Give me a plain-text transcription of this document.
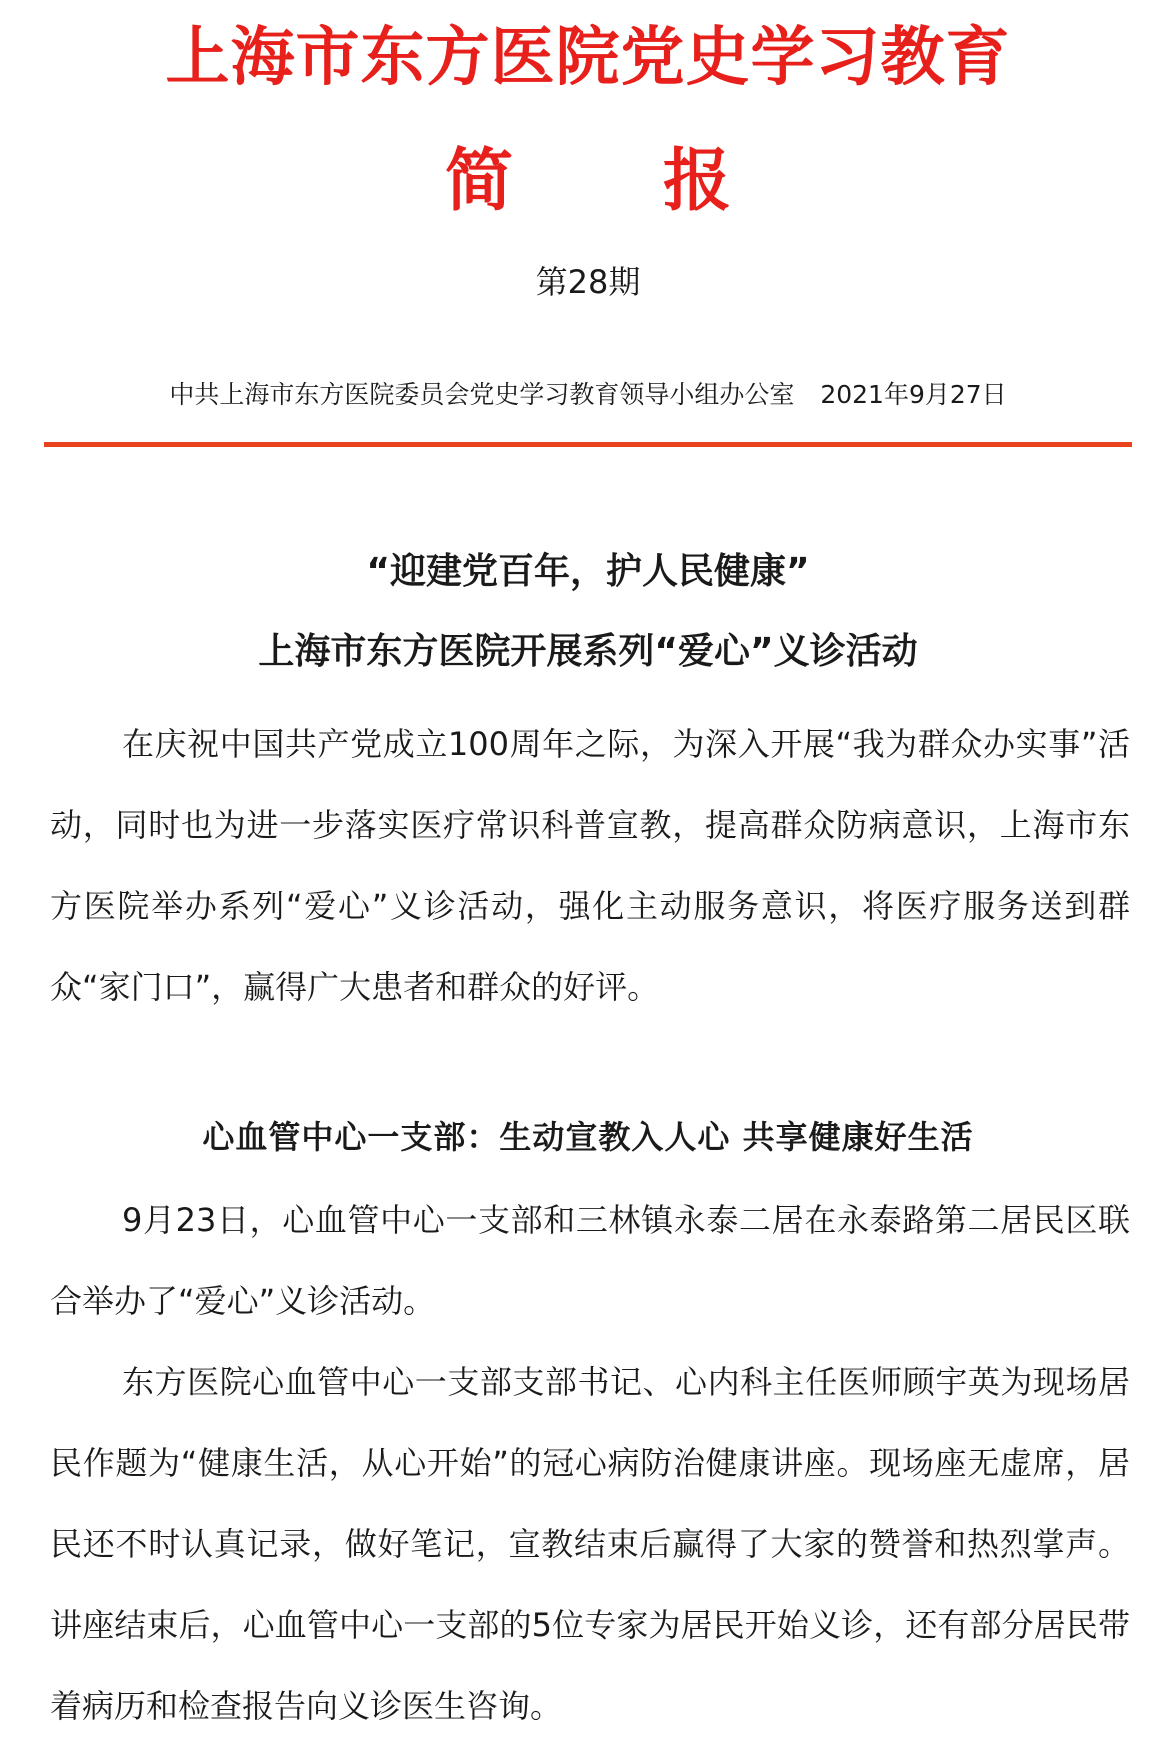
上海市东方医院党史学习教育
简 报
第28期
中共上海市东方医院委员会党史学习教育领导小组办公室 2021年9月27日
“迎建党百年，护人民健康”
上海市东方医院开展系列“爱心”义诊活动

在庆祝中国共产党成立100周年之际，为深入开展“我为群众办实事”活动，同时也为进一步落实医疗常识科普宣教，提高群众防病意识，上海市东方医院举办系列“爱心”义诊活动，强化主动服务意识，将医疗服务送到群众“家门口”，赢得广大患者和群众的好评。

心血管中心一支部：生动宣教入人心 共享健康好生活

9月23日，心血管中心一支部和三林镇永泰二居在永泰路第二居民区联合举办了“爱心”义诊活动。

东方医院心血管中心一支部支部书记、心内科主任医师顾宇英为现场居民作题为“健康生活，从心开始”的冠心病防治健康讲座。现场座无虚席，居民还不时认真记录，做好笔记，宣教结束后赢得了大家的赞誉和热烈掌声。讲座结束后，心血管中心一支部的5位专家为居民开始义诊，还有部分居民带着病历和检查报告向义诊医生咨询。
